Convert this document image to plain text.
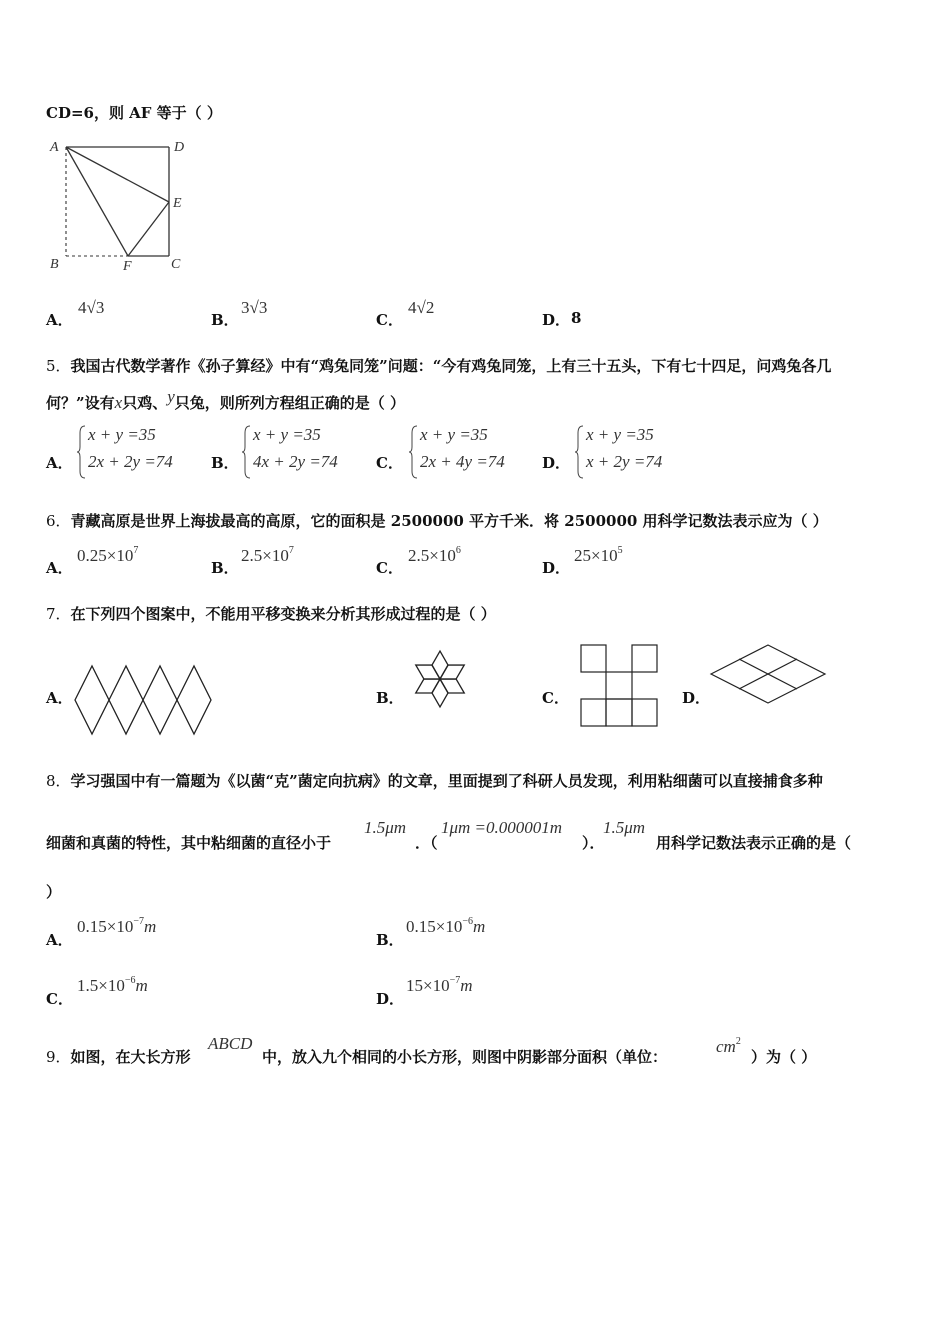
CD=6，则 AF 等于（ ）
A	D
E
B	F	C
A．
4√3
B．
3√3
C．
4√2
D． 8
5．我国古代数学著作《孙子算经》中有“鸡兔同笼”问题：“今有鸡兔同笼，上有三十五头，下有七十四足，问鸡兔各几
何？”设有x只鸡、y只兔，则所列方程组正确的是（ ）
A．
x + y =35
2x + 2y =74	B．
x + y =35
4x + 2y =74	C．
x + y =35
2x + 4y =74 D．
x + y =35
x + 2y =74
6．青藏高原是世界上海拔最高的高原，它的面积是 2500000 平方千米．将 2500000 用科学记数法表示应为（ ）
A．
$0.25\times 10^7$
B．
$2.5\times 10^7$
C．
$2.5\times 10^6$
D．
$25\times 10^5$
7．在下列四个图案中，不能用平移变换来分析其形成过程的是（ ）
A．	B．	C．	D．
8．学习强国中有一篇题为《以菌“克”菌定向抗病》的文章，里面提到了科研人员发现，利用粘细菌可以直接捕食多种
细菌和真菌的特性，其中粘细菌的直径小于
1.5μm
．（
1μm =0.000001m
）．
1.5μm
用科学记数法表示正确的是（
）
A．
$0.15\times 10^{-7}m$
B．
$0.15\times 10^{-6}m$
C．
$1.5\times 10^{-6}m$
D．
$15\times 10^{-7}m$
9．如图，在大长方形
ABCD
中，放入九个相同的小长方形，则图中阴影部分面积（单位：
$cm^2$
）为（ ）
